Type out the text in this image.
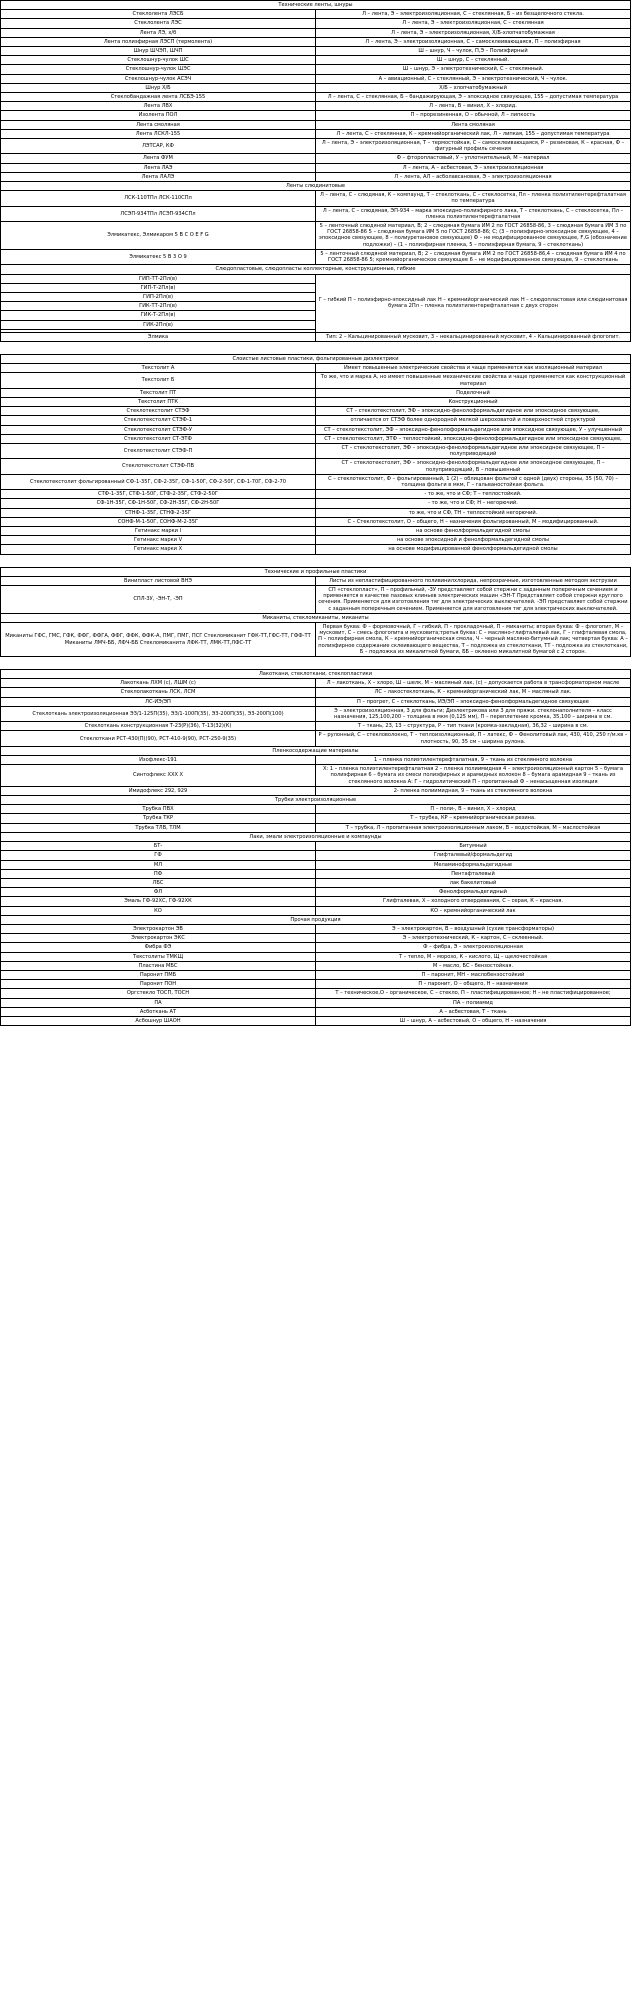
Технические ленты, шнуры	
Стеклолента ЛЭСБ	Л – лента, Э – электроизоляционная, С – стеклянная, Б – из безщелочного стекла.
Стеклолента ЛЭС	Л – лента, Э – электроизоляционная, С – стеклянная
Лента ЛЭ, х/б	Л – лента, Э – электроизоляционная, Х/Б-хлопчатобумажная
Лента полиэфирная ЛЭСП (термолента)	Л – лента, Э – электроизоляционная, С – самосклеивающаяся, П – полиэфирная
Шнур ШЧЭП, ШЧП	Ш – шнур, Ч – чулок, П,Э – Полиэфирный
Стеклошнур-чулок ШС	Ш – шнур, С – стеклянный.
Стеклошнур-чулок ШЭС	Ш – шнур, Э – электротехнический, С – стеклянный.
Стеклошнур-чулок АСЭЧ	А – авиационный, С – стеклянный, Э – электротехнический, Ч – чулок.
Шнур Х/Б	Х/Б – хлопчатобумажный
Стеклобандажная лента ЛСБЭ-155	Л – лента, С – стеклянная, Б – бандажирующая, Э – эпоксидное связующее, 155 – допустимая температура
Лента ЛВХ	Л – лента, В – винил, Х – хлорид.
Изолента ПОЛ	П – прорезиненная, О – обычной, Л – липкость
Лента смоляная	Лента смоляная
Лента ЛСКЛ-155	Л – лента, С – стеклянная, К – кремнийорганический лак, Л – липкая, 155 – допустимая температура
ЛЭТСАР, КФ	Л – лента, Э – электроизоляционная, Т – термостойкая, С – самосклеивающаяся, Р – резиновая, К – красная, Ф – фигурный профиль сечения
Лента ФУМ	Ф – фторопластовый, У – уплотнительный, М – материал
Лента ЛАЭ	Л – лента, А – асбестовая, Э – электроизоляционная
Лента ЛАЛЭ	Л – лента, АЛ – асболавсановая, Э – электроизоляционная
Ленты слюдинитовые	
ЛСК-110ТПл ЛСК-110СПл	Л – лента, С – слюдяная, К – компаунд, Т – стеклоткань, С – стеклосетка, Пл – пленка полиэтилентерефталатная по температура
ЛСЭП-934ТПл ЛСЭП-934СПл	Л – лента, С – слюдяная, ЭП-934 – марка эпоксидно-полиэфирного лака, Т – стеклоткань, С – стеклосетка, Пл – пленка полиэтилентерефталатная
Элмикатекс, Элмикаром 5 В С О Е F G	5 – ленточный слюдяной материал, В; 2 – слюдяная бумага ИМ 2 по ГОСТ 26858-86, 3 – слюдяная бумага ИМ 3 по ГОСТ 26858-86 5 – слюдяная бумага ИМ 5 по ГОСТ 26858-86; С; (3 – полиэфирно-эпоксидное связующее, 4 – эпоксидное связующее, 8 – полиуретановое связующее) Ф – не модифицированное связующее, F,G (обозначение подложки) – (1 – полиэфирная пленка, 5 – полиэфирная бумага, 9 – стеклоткань)
Элмикатекс 5 В 3 О 9	5 – ленточный слюдяной материал, В; 2 – слюдяная бумага ИМ 2 по ГОСТ 26858-86,4 – слюдяная бумага ИМ 4 по ГОСТ 26858-86 5; кремнийорганическое связующее 6 – не модифицированное связующее, 9 – стеклоткань
Слюдопластовые, слюдопласты коллекторные, конструкционные, гибкие	
ГИП-ТТ-2Пл(в)	Г – гибкий П – полиэфирно-эпоксидный лак Н – кремнийорганический лак Н – слюдопластовая или слюдинитовая бумага 2Пл – пленка полиэтилентерефталатная с двух сторон
ГИП-Т-2Пл(в)	
ГИП-2Пл(в)	
ГИК-ТТ-2Пл(в)	
ГИК-Т-2Пл(в)	
ГИК-2Пл(в)	

Элмика	Тип: 2 – Кальцинированный мусковит, 3 – некальцинированный мусковит, 4 – Кальцинированный флогопит.

Слоистые листовые пластики, фольгированные диэлектрики	
Текстолит А	Имеет повышенные электрические свойства и чаще применяется как изоляционный материал
Текстолит Б	То же, что и марка А, но имеет повышенные механические свойства и чаще применяется как конструкционный материал
Текстолит ПТ	Поделочный
Текстолит ПТК	Конструкционный
Стеклотекстолит СТЭФ	СТ – стеклотекстолит, ЭФ – эпоксидно-фенолоформальдегидное или эпоксидное связующее,
Стеклотекстолит СТЭФ-1	отличается от СТЭФ более однородной мелкой шероховатой и поверхностной структурой
Стеклотекстолит СТЭФ-У	СТ – стеклотекстолит, ЭФ – эпоксидно-фенолоформальдегидное или эпоксидное связующее, У – улучшенный
Стеклотекстолит СТ-ЭТФ	СТ – стеклотекстолит, ЭТФ – теплостойкий, эпоксидно-фенолоформальдегидное или эпоксидное связующее,
Стеклотекстолит СТЭФ-П	СТ – стеклотекстолит, ЭФ – эпоксидно-фенолоформальдегидное или эпоксидное связующее, П – полуприводящий
Стеклотекстолит СТЭФ-ПВ	СТ – стеклотекстолит, ЭФ – эпоксидно-фенолоформальдегидное или эпоксидное связующее, П – полуприводящий, В – повышенный
Стеклотекстолит фольгированный СФ-1-35Г, СФ-2-35Г, СФ-1-50Г, СФ-2-50Г, СФ-1-70Г, СФ-2-70	С – стеклотекстолит, Ф – фольгированный, 1 (2) – облицован фольгой с одной (двух) стороны, 35 (50, 70) – толщина фольги в мкм, Г – гальваностойкая фольга.
СТФ-1-35Г, СТФ-1-50Г, СТФ-2-35Г, СТФ-2-50Г	- то же, что и СФ; Т – теплостойкий.
СФ-1Н-35Г, СФ-1Н-50Г, СФ-2Н-35Г, СФ-2Н-50Г	- то же, что и СФ; Н – негорючий.
СТНФ-1-35Г, СТНФ-2-35Г	то же, что и СФ, ТН – теплостойкий негорючий.
СОНФ-М-1-50Г, СОНФ-М-2-35Г	С – Стеклотекстолит, О – общего, Н – назначения фольгированный, М – модифицированный.
Гетинакс марки I	на основе фенолформальдегидной смолы
Гетинакс марки V	на основе эпоксидной и фенолформальдегидной смолы
Гетинакс марки X	на основе модифицированной фенолформальдегидной смолы

Технические и профильные пластики	
Винипласт листовой ВНЭ	Листы из непластифицированного поливинилхлорида, непрозрачные, изготовленные методом экструзии
СПЛ-3У, -ЭН-Т, -ЭП	СП «стеклопласт», П – профильный, -3У представляет собой стержни с заданным поперечным сечением и применяется в качестве пазовых клиньев электрических машин «ЭН-Т Представляет собой стержни круглого сечения. Применяется для изготовления тяг для электрических выключателей. -ЭП представляет собой стержни с заданным поперечным сечением. Применяется для изготовления тяг для электрических выключателей.
Миканиты, стекломиканиты, миканиты	
Миканиты ГФС, ГМС, ГФК, ФФГ, ФФГА, ФФГ, ФФК, ФФК-А, ПМГ, ПМГ, ПСГ Стекломиканит ГФК-ТТ,ГФС-ТТ, ГФФ-ТТ Миканиты ЛМЧ-ББ, ЛФЧ-ББ Стекломиканита ЛФК-ТТ, ЛМК-ТТ,ЛФС-ТТ	Первая буква: Ф – формовочный, Г – гибкий, П – прокладочный, П – миканиты; вторая буква: Ф – флогопит, М – мусковит, С – смесь флогопита и мусковита;третья буква: С – масляно-глифталевый лак, Г – глифталевая смола, П – полиэфирная смола, К – кремнийорганическая смола, Ч – черный масляно-битумный лак; четвертая буква: А – полиэфирное содержание склеивающего вещества, Т – подложка из стеклоткани, ТТ - подложка из стеклоткани, Б – подложка из микалитной бумаги, ББ – оклеено микалитной бумагой с 2 сторон.

Лакоткани, стеклоткани, стеклопластики	
Лакоткань ЛХМ (с), ЛШМ (с)	Л – лакоткань, Х – хлоро, Ш – шелк, М – масляный лак, (с) – допускается работа в трансформаторном масле
Стеклолакоткань ЛСК, ЛСМ	ЛС – лакостеклоткань, К – кремнийорганический лак, М – масляный лак.
ЛС-ИЭ/ЭП	П – прогрет, С – стеклоткань, ИЭ/ЭП – эпоксидно-фенолформальдегидное связующее
Стеклоткань электроизоляционная ЭЗ/1-125П(35), ЭЗ/1-100П(35), ЭЗ-200П(35), ЭЗ-200П(100)	Э – электроизоляционная, 3 для фольги; Диэлектрикова или 3 для пряжи. стеклонаполнителя – класс назначения, 125,100,200 – толщина в мкм (0,125 мм), П – переплетение кромка, 35,100 – ширина в см.
Стеклоткань конструкционная Т-23(Р)(36), Т-13(32)(К)	Т – ткань, 23, 13 – структура, Р – тип ткани (кромка-закладная), 36,32 – ширина в см.
Стеклоткани РСТ-430(П)(90), РСТ-410-9(90), РСТ-250-9(35)	Р – рулонный, С – стекловолокно, Т – теплоизоляционный, П – латекс, Ф – Фенолитовый лак, 430, 410, 250 г/м.кв – плотность, 90, 35 см – ширина рулона.
Пленкосодержащие материалы	
Изофлекс-191	1 – пленка полиэтилентерефталатная, 9 – ткань из стеклянного волокна
Синтофлекс ХХХ Х	Х: 1 – пленка полиэтилентерефталатная 2 – пленка полиимидная 4 – электроизоляционный картон 5 – бумага полиэфирная 6 – бумага из смеси полиэфирных и арамидных волокон 8 – бумага арамидная 9 – ткань из стеклянного волокна А: Г – гидролитический П – пропитанный Ф – ненасыщенная изоляция
Имидофлекс 292, 929	2- пленка полиимидная, 9 – ткань из стеклянного волокна
Трубки электроизоляционные	
Трубка ПВХ	П – поли-, В – винил, Х – хлорид
Трубка ТКР	Т – трубка, КР – кремнийорганическая резина.
Трубка ТЛВ, ТЛМ	Т – трубка, Л – пропитанная электроизоляционным лаком, В – водостойкая, М – маслостойкая
Лаки, эмали электроизоляционные и компаунды	
БТ-	Битумный
ГФ	Глифталевый/формальдегид
МЛ	Меламиноформальдегидные
ПФ	Пентафталевый
ЛБС	лак бакелитовый
ФЛ	Фенолформальдегидный
Эмаль ГФ-92ХС, ГФ-92ХК	Глифталевая, Х – холодного отвердевания, С – серая, К – красная.
КО	КО – кремнийорганический лак
Прочая продукция	
Электрокартон ЭВ	Э – электрокартон, В – воздушный (сухие трансформаторы)
Электрокартон ЭКС	Э – электротехнический, К – картон, С – склеенный.
Фибра ФЭ	Ф – фибра, Э – электроизоляционная
Текстолиты ТМКЩ	Т – тепло, М – морозо, К – кислото, Щ – щелочестойкая
Пластина МБС	М – масло, БС - бензостойкая.
Паронит ПМБ	П – паронит, МН – маслобензостойкий
Паронит ПОН	П – паронит, О – общего, Н – назначения
Оргстекло ТОСП, ТОСН	Т – техническое,О – органическое, С – стекло, П – пластифицированное; Н – не пластифицированное;
ПА	ПА – полиамид
Асботкань АТ	А – асбестовая, Т – ткань
Асбошнур ШАОН	Ш – шнур, А – асбестовый, О – общего, Н – назначения
